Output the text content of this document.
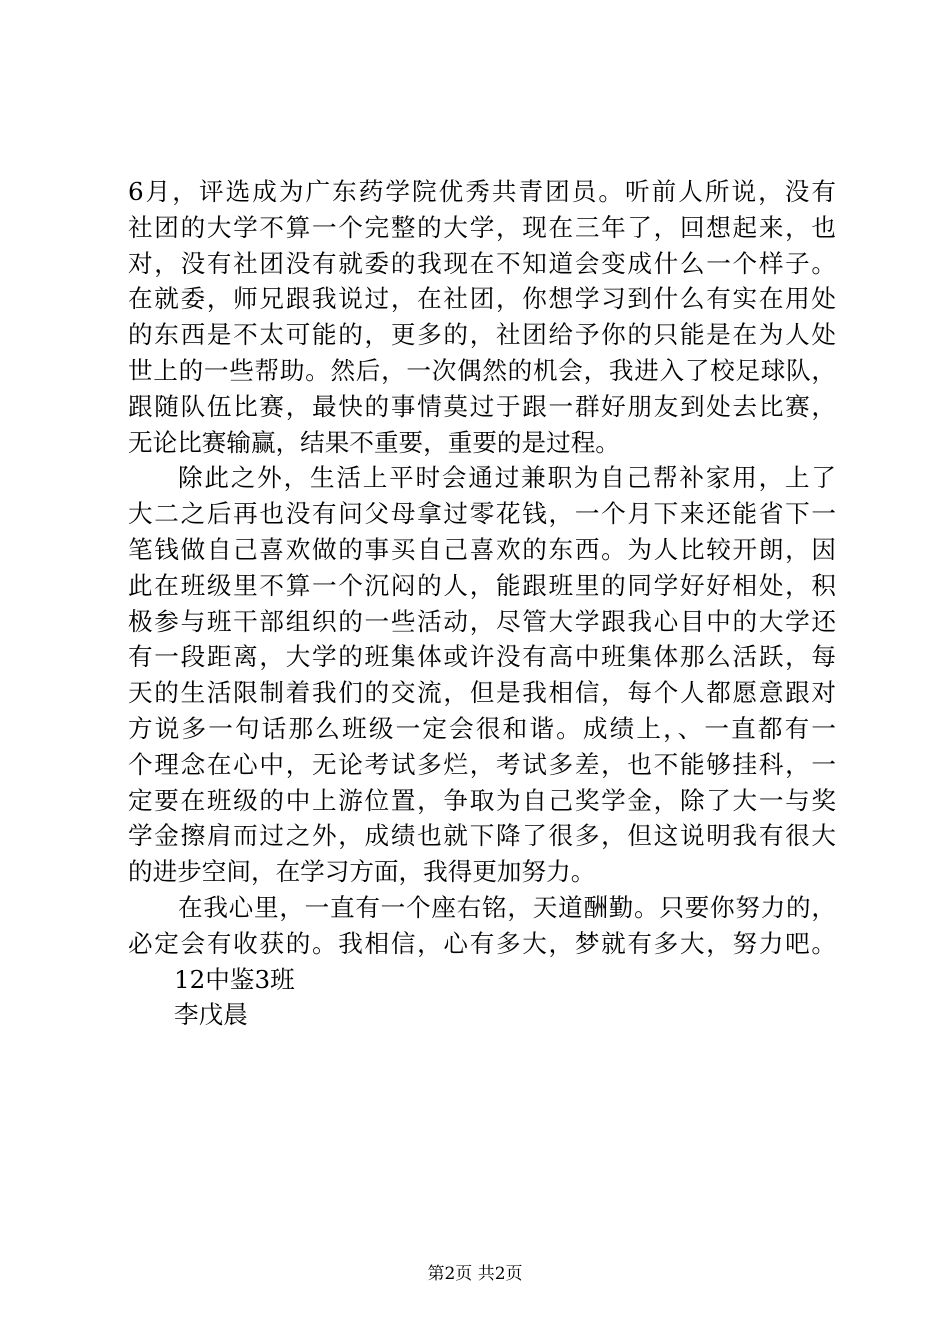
6月，评选成为广东药学院优秀共青团员。听前人所说，没有
社团的大学不算一个完整的大学，现在三年了，回想起来，也
对，没有社团没有就委的我现在不知道会变成什么一个样子。
在就委，师兄跟我说过，在社团，你想学习到什么有实在用处
的东西是不太可能的，更多的，社团给予你的只能是在为人处
世上的一些帮助。然后，一次偶然的机会，我进入了校足球队，
跟随队伍比赛，最快的事情莫过于跟一群好朋友到处去比赛，
无论比赛输赢，结果不重要，重要的是过程。
除此之外，生活上平时会通过兼职为自己帮补家用，上了
大二之后再也没有问父母拿过零花钱，一个月下来还能省下一
笔钱做自己喜欢做的事买自己喜欢的东西。为人比较开朗，因
此在班级里不算一个沉闷的人，能跟班里的同学好好相处，积
极参与班干部组织的一些活动，尽管大学跟我心目中的大学还
有一段距离，大学的班集体或许没有高中班集体那么活跃，每
天的生活限制着我们的交流，但是我相信，每个人都愿意跟对
方说多一句话那么班级一定会很和谐。成绩上，、一直都有一
个理念在心中，无论考试多烂，考试多差，也不能够挂科，一
定要在班级的中上游位置，争取为自己奖学金，除了大一与奖
学金擦肩而过之外，成绩也就下降了很多，但这说明我有很大
的进步空间，在学习方面，我得更加努力。
在我心里，一直有一个座右铭，天道酬勤。只要你努力的，
必定会有收获的。我相信，心有多大，梦就有多大，努力吧。
12中鉴3班
李戊晨
第2页 共2页
